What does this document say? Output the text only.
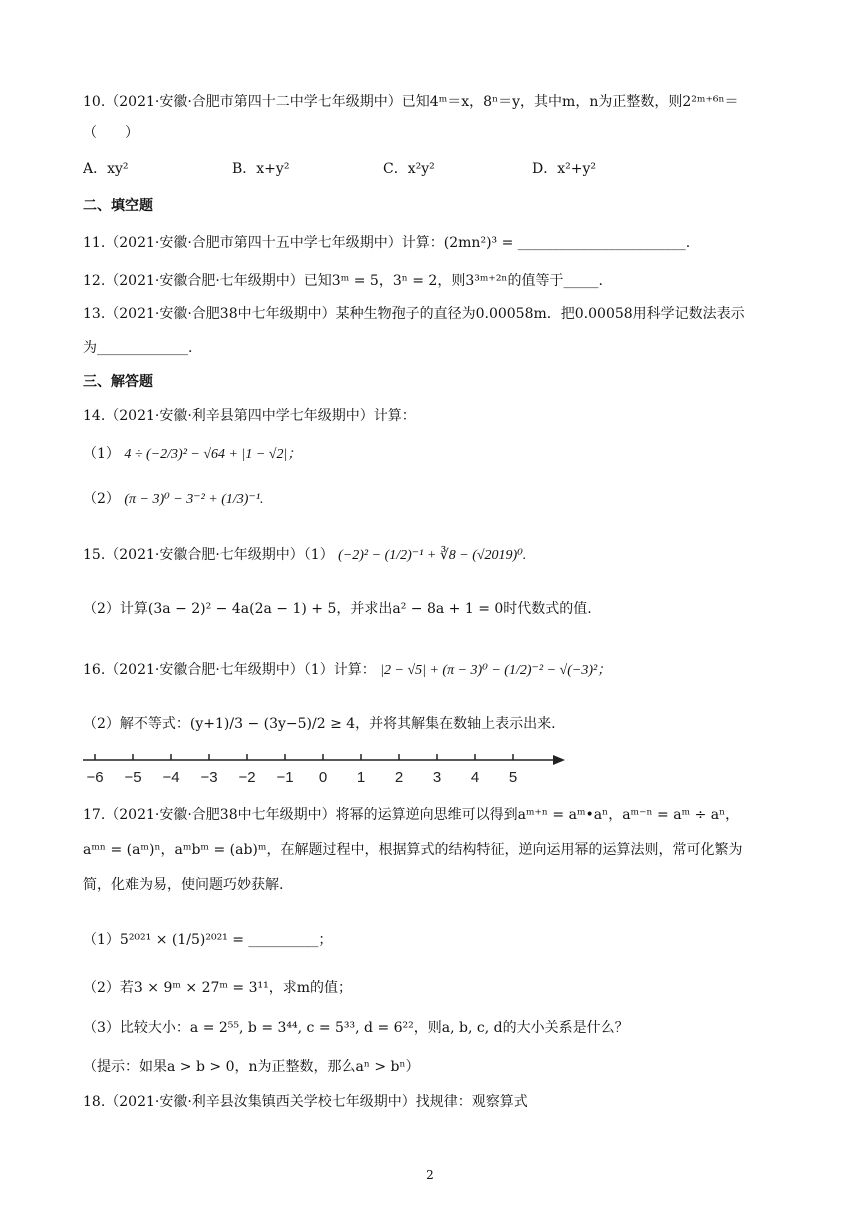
10.（2021·安徽·合肥市第四十二中学七年级期中）已知4ᵐ＝x，8ⁿ＝y，其中m，n为正整数，则2²ᵐ⁺⁶ⁿ＝
（　　）
A．xy²	B．x+y²	C．x²y²	D．x²+y²
二、填空题
11.（2021·安徽·合肥市第四十五中学七年级期中）计算：(2mn²)³ = ________________________.
12.（2021·安徽合肥·七年级期中）已知3ᵐ = 5，3ⁿ = 2，则3³ᵐ⁺²ⁿ的值等于_____.
13.（2021·安徽·合肥38中七年级期中）某种生物孢子的直径为0.00058m．把0.00058用科学记数法表示
为_____________.
三、解答题
14.（2021·安徽·利辛县第四中学七年级期中）计算：
（1） 4 ÷ (−2/3)² − √64 + |1 − √2|；
（2） (π − 3)⁰ − 3⁻² + (1/3)⁻¹.
15.（2021·安徽合肥·七年级期中）（1） (−2)² − (1/2)⁻¹ + ∛8 − (√2019)⁰.
（2）计算(3a − 2)² − 4a(2a − 1) + 5，并求出a² − 8a + 1 = 0时代数式的值.
16.（2021·安徽合肥·七年级期中）（1）计算： |2 − √5| + (π − 3)⁰ − (1/2)⁻² − √(−3)²；
（2）解不等式：(y+1)/3 − (3y−5)/2 ≥ 4，并将其解集在数轴上表示出来.
−6 −5 −4 −3 −2 −1 0 1 2 3 4 5
17.（2021·安徽·合肥38中七年级期中）将幂的运算逆向思维可以得到aᵐ⁺ⁿ = aᵐ•aⁿ，aᵐ⁻ⁿ = aᵐ ÷ aⁿ，
aᵐⁿ = (aᵐ)ⁿ，aᵐbᵐ = (ab)ᵐ，在解题过程中，根据算式的结构特征，逆向运用幂的运算法则，常可化繁为
简，化难为易，使问题巧妙获解.
（1）5²⁰²¹ × (1/5)²⁰²¹ = __________；
（2）若3 × 9ᵐ × 27ᵐ = 3¹¹，求m的值；
（3）比较大小：a = 2⁵⁵, b = 3⁴⁴, c = 5³³, d = 6²²，则a, b, c, d的大小关系是什么？
（提示：如果a > b > 0，n为正整数，那么aⁿ > bⁿ）
18.（2021·安徽·利辛县汝集镇西关学校七年级期中）找规律：观察算式
2
